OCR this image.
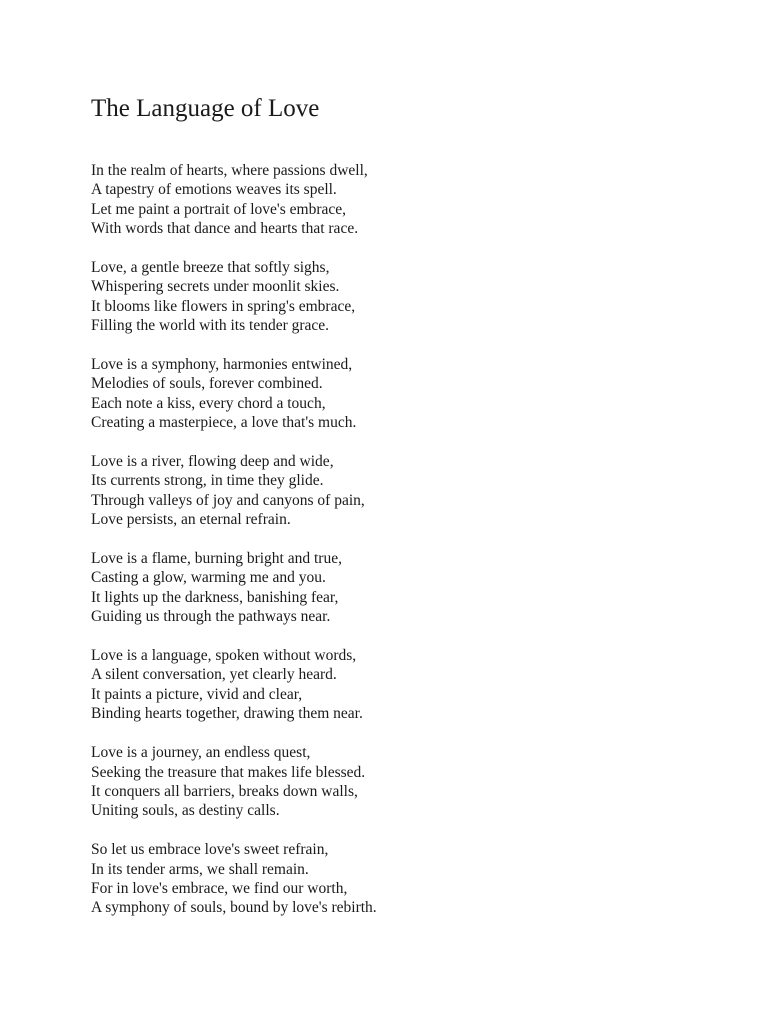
The Language of Love

In the realm of hearts, where passions dwell,
A tapestry of emotions weaves its spell.
Let me paint a portrait of love's embrace,
With words that dance and hearts that race.

Love, a gentle breeze that softly sighs,
Whispering secrets under moonlit skies.
It blooms like flowers in spring's embrace,
Filling the world with its tender grace.

Love is a symphony, harmonies entwined,
Melodies of souls, forever combined.
Each note a kiss, every chord a touch,
Creating a masterpiece, a love that's much.

Love is a river, flowing deep and wide,
Its currents strong, in time they glide.
Through valleys of joy and canyons of pain,
Love persists, an eternal refrain.

Love is a flame, burning bright and true,
Casting a glow, warming me and you.
It lights up the darkness, banishing fear,
Guiding us through the pathways near.

Love is a language, spoken without words,
A silent conversation, yet clearly heard.
It paints a picture, vivid and clear,
Binding hearts together, drawing them near.

Love is a journey, an endless quest,
Seeking the treasure that makes life blessed.
It conquers all barriers, breaks down walls,
Uniting souls, as destiny calls.

So let us embrace love's sweet refrain,
In its tender arms, we shall remain.
For in love's embrace, we find our worth,
A symphony of souls, bound by love's rebirth.
